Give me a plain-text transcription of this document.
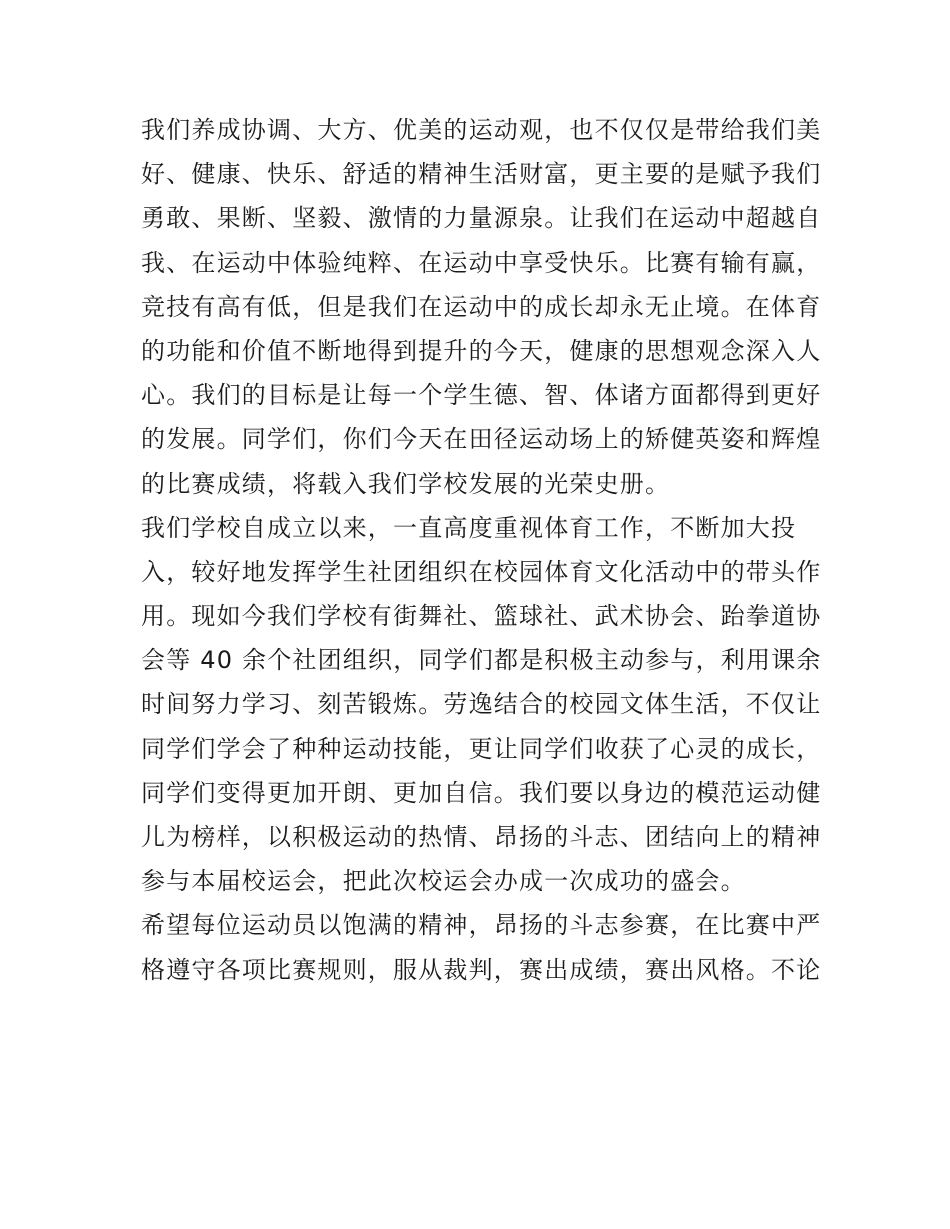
我们养成协调、大方、优美的运动观，也不仅仅是带给我们美
好、健康、快乐、舒适的精神生活财富，更主要的是赋予我们
勇敢、果断、坚毅、激情的力量源泉。让我们在运动中超越自
我、在运动中体验纯粹、在运动中享受快乐。比赛有输有赢，
竞技有高有低，但是我们在运动中的成长却永无止境。在体育
的功能和价值不断地得到提升的今天，健康的思想观念深入人
心。我们的目标是让每一个学生德、智、体诸方面都得到更好
的发展。同学们，你们今天在田径运动场上的矫健英姿和辉煌
的比赛成绩，将载入我们学校发展的光荣史册。
我们学校自成立以来，一直高度重视体育工作，不断加大投
入，较好地发挥学生社团组织在校园体育文化活动中的带头作
用。现如今我们学校有街舞社、篮球社、武术协会、跆拳道协
会等 40 余个社团组织，同学们都是积极主动参与，利用课余
时间努力学习、刻苦锻炼。劳逸结合的校园文体生活，不仅让
同学们学会了种种运动技能，更让同学们收获了心灵的成长，
同学们变得更加开朗、更加自信。我们要以身边的模范运动健
儿为榜样，以积极运动的热情、昂扬的斗志、团结向上的精神
参与本届校运会，把此次校运会办成一次成功的盛会。
希望每位运动员以饱满的精神，昂扬的斗志参赛，在比赛中严
格遵守各项比赛规则，服从裁判，赛出成绩，赛出风格。不论
